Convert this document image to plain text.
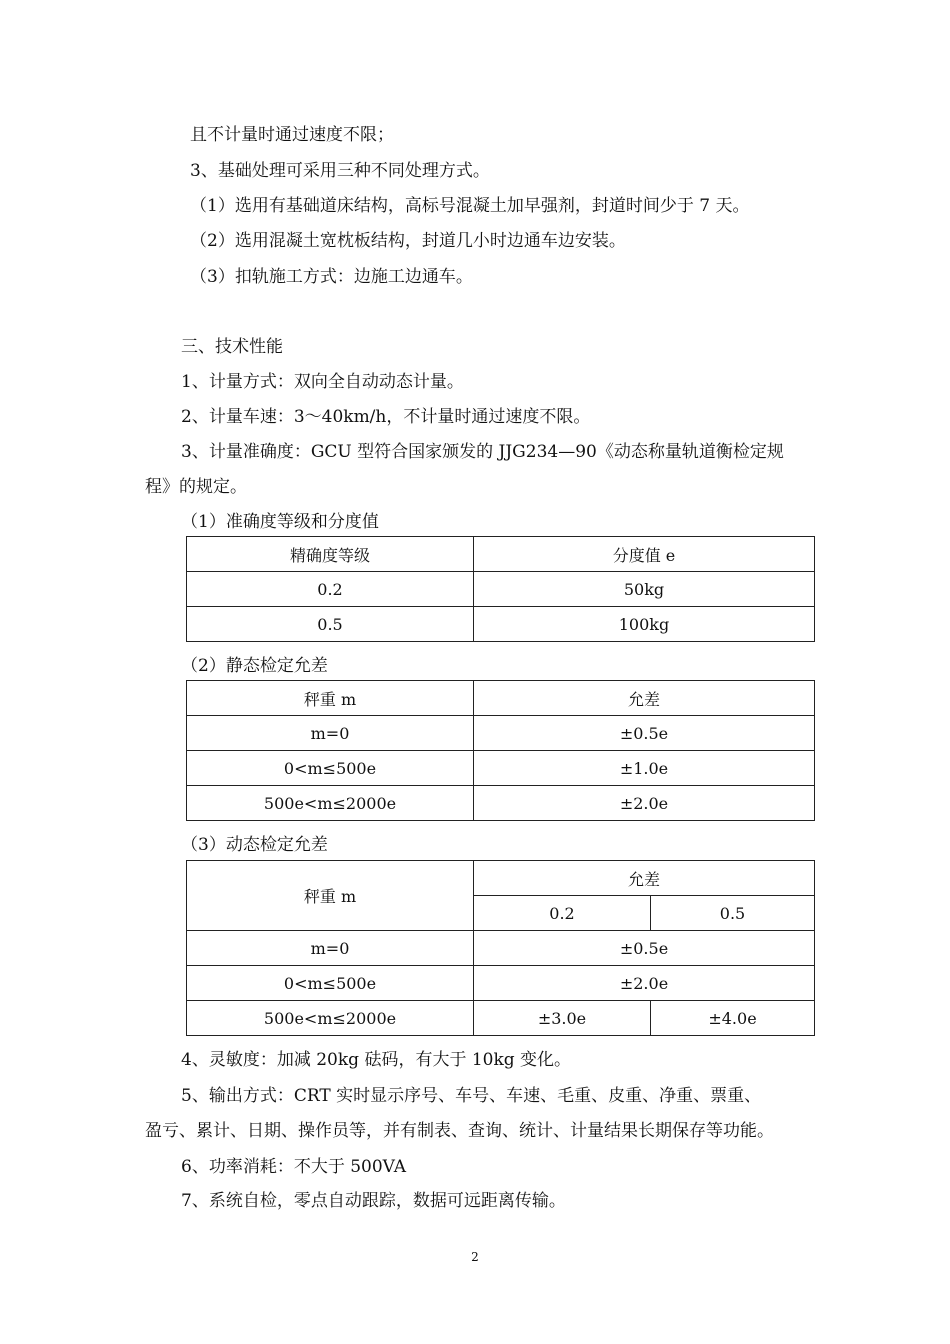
且不计量时通过速度不限；
3、基础处理可采用三种不同处理方式。
（1）选用有基础道床结构，高标号混凝土加早强剂，封道时间少于 7 天。
（2）选用混凝土宽枕板结构，封道几小时边通车边安装。
（3）扣轨施工方式：边施工边通车。
三、技术性能
1、计量方式：双向全自动动态计量。
2、计量车速：3～40km/h，不计量时通过速度不限。
3、计量准确度：GCU 型符合国家颁发的 JJG234—90《动态称量轨道衡检定规
程》的规定。
（1）准确度等级和分度值
精确度等级	分度值 e
0.2	50kg
0.5	100kg
（2）静态检定允差
秤重 m	允差
m=0	±0.5e
0<m≤500e	±1.0e
500e<m≤2000e	±2.0e
（3）动态检定允差
秤重 m	允差	
	0.2	0.5
m=0	±0.5e	
0<m≤500e	±2.0e	
500e<m≤2000e	±3.0e	±4.0e
4、灵敏度：加减 20kg 砝码，有大于 10kg 变化。
5、输出方式：CRT 实时显示序号、车号、车速、毛重、皮重、净重、票重、
盈亏、累计、日期、操作员等，并有制表、查询、统计、计量结果长期保存等功能。
6、功率消耗：不大于 500VA
7、系统自检，零点自动跟踪，数据可远距离传输。
2
